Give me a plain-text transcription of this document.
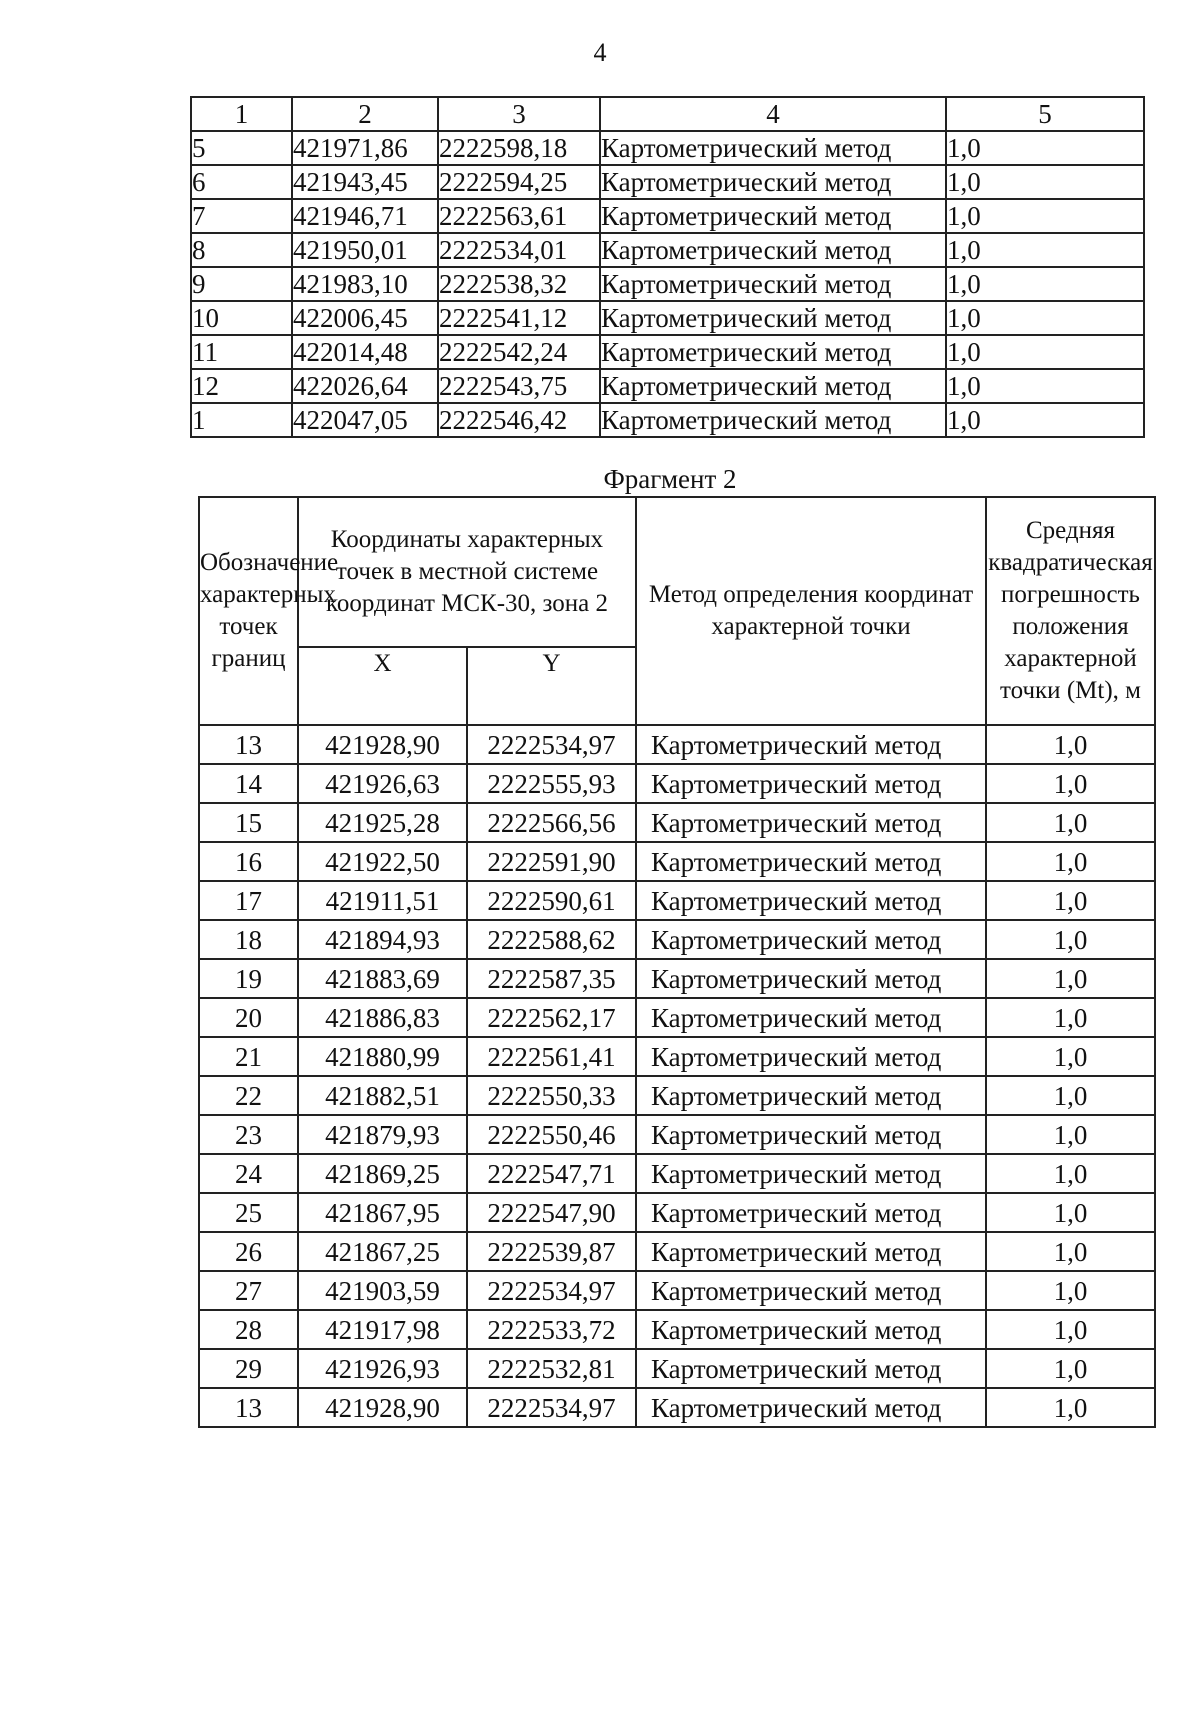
4
1	2	3	4	5
5	421971,86	2222598,18	Картометрический метод	1,0
6	421943,45	2222594,25	Картометрический метод	1,0
7	421946,71	2222563,61	Картометрический метод	1,0
8	421950,01	2222534,01	Картометрический метод	1,0
9	421983,10	2222538,32	Картометрический метод	1,0
10	422006,45	2222541,12	Картометрический метод	1,0
11	422014,48	2222542,24	Картометрический метод	1,0
12	422026,64	2222543,75	Картометрический метод	1,0
1	422047,05	2222546,42	Картометрический метод	1,0
Фрагмент 2
Обозначение характерных точек границ	Координаты характерных точек в местной системе координат МСК-30, зона 2		Метод определения координат характерной точки	Средняя квадратическая погрешность положения характерной точки (Mt), м
	X	Y		
13	421928,90	2222534,97	Картометрический метод	1,0
14	421926,63	2222555,93	Картометрический метод	1,0
15	421925,28	2222566,56	Картометрический метод	1,0
16	421922,50	2222591,90	Картометрический метод	1,0
17	421911,51	2222590,61	Картометрический метод	1,0
18	421894,93	2222588,62	Картометрический метод	1,0
19	421883,69	2222587,35	Картометрический метод	1,0
20	421886,83	2222562,17	Картометрический метод	1,0
21	421880,99	2222561,41	Картометрический метод	1,0
22	421882,51	2222550,33	Картометрический метод	1,0
23	421879,93	2222550,46	Картометрический метод	1,0
24	421869,25	2222547,71	Картометрический метод	1,0
25	421867,95	2222547,90	Картометрический метод	1,0
26	421867,25	2222539,87	Картометрический метод	1,0
27	421903,59	2222534,97	Картометрический метод	1,0
28	421917,98	2222533,72	Картометрический метод	1,0
29	421926,93	2222532,81	Картометрический метод	1,0
13	421928,90	2222534,97	Картометрический метод	1,0
